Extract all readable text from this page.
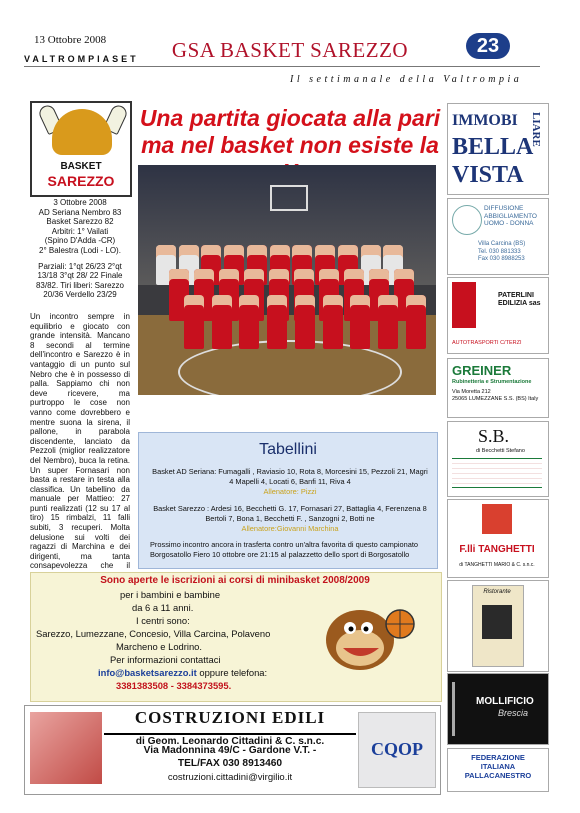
13 Ottobre 2008
VALTROMPIASET	GSA BASKET SAREZZO	23
Il settimanale della Valtrompia
BASKET
SAREZZO
Una partita giocata alla pari
ma nel basket non esiste la

3 Ottobre 2008

AD Seriana Nembro 83

Basket Sarezzo 82

Arbitri: 1° Vailati

(Spino D'Adda -CR)

2° Balestra (Lodi - LO).

Parziali: 1°qt 26/23 2°qt 13/18 3°qt 28/ 22 Finale 83/82. Tiri liberi: Sarezzo 20/36 Verdello 23/29

Un incontro sempre in equilibrio e giocato con grande intensità. Mancano 8 secondi al termine dell'incontro e Sarezzo è in vantaggio di un punto sul Nebro che è in possesso di palla. Sappiamo chi non deve ricevere, ma purtroppo le cose non vanno come dovrebbero e mentre suona la sirena, il pallone, in parabola discendente, lanciato da Pezzoli (miglior realizzatore del Nembro), buca la retina. Un super Fornasari non basta a restare in testa alla classifica. Un tabellino da manuale per Mattieo: 27 punti realizzati (12 su 17 al tiro) 15 rimbalzi, 11 falli subiti, 3 recuperi. Molta delusione sui volti dei ragazzi di Marchina e dei dirigenti, ma tanta consapevolezza che il
Tabellini
Basket AD Seriana: Fumagalli , Raviasio 10, Rota 8, Morcesini 15, Pezzoli 21, Magri 4 Mapelli 4, Locati 6, Banfi 11, Riva 4
Allenatore: Pizzi
Basket Sarezzo : Ardesi 16, Becchetti G. 17, Fornasari 27, Battaglia 4, Ferenzena 8 Bertoli 7, Bona 1, Becchetti F. , Sanzogni 2, Botti ne
Allenatore:Giovanni Marchina
Prossimo incontro ancora in trasferta contro un'altra favorita di questo campionato Borgosatollo Fiero 10 ottobre ore 21:15 al palazzetto dello sport di Borgosatollo
Sono aperte le iscrizioni ai corsi di minibasket 2008/2009
per i bambini e bambine
da 6 a 11 anni.
I centri sono:
Sarezzo, Lumezzane, Concesio, Villa Carcina, Polaveno
Marcheno e Lodrino.
Per informazioni contattaci
info@basketsarezzo.it oppure telefona:
3381383508 - 3384373595.
COSTRUZIONI EDILI
di Geom. Leonardo Cittadini & C. s.n.c.
Via Madonnina 49/C - Gardone V.T. -
TEL/FAX 030 8913460
costruzioni.cittadini@virgilio.it
CQOP
IMMOBI LIARE
BELLA
VISTA
DIFFUSIONE
ABBIGLIAMENTO
UOMO - DONNA
Villa Carcina (BS)
Tel. 030 881333
Fax 030 8988253
PATERLINI
EDILIZIA sas
AUTOTRASPORTI C/TERZI
GREINER
Rubinetteria e Strumentazione
Via Moretta 212
25065 LUMEZZANE S.S. (BS) Italy
S.B.
di Becchetti Stefano
F.lli TANGHETTI
di TANGHETTI MARIO & C. s.n.c.
Ristorante
MOLLIFICIO
Brescia
FEDERAZIONE
ITALIANA
PALLACANESTRO
